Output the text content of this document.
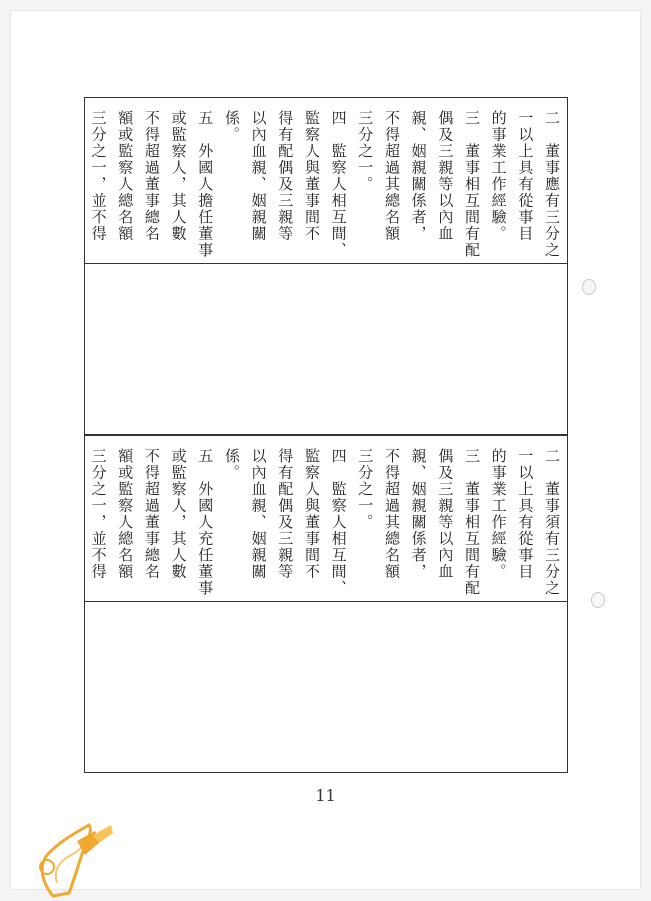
二　董事應有三分之
一以上具有從事目
的事業工作經驗。
三　董事相互間有配
偶及三親等以內血
親、姻親關係者，
不得超過其總名額
三分之一。
四　監察人相互間、
監察人與董事間不
得有配偶及三親等
以內血親、姻親關
係。
五　外國人擔任董事
或監察人，其人數
不得超過董事總名
額或監察人總名額
三分之一，並不得
二　董事須有三分之
一以上具有從事目
的事業工作經驗。
三　董事相互間有配
偶及三親等以內血
親、姻親關係者，
不得超過其總名額
三分之一。
四　監察人相互間、
監察人與董事間不
得有配偶及三親等
以內血親、姻親關
係。
五　外國人充任董事
或監察人，其人數
不得超過董事總名
額或監察人總名額
三分之一，並不得
11
